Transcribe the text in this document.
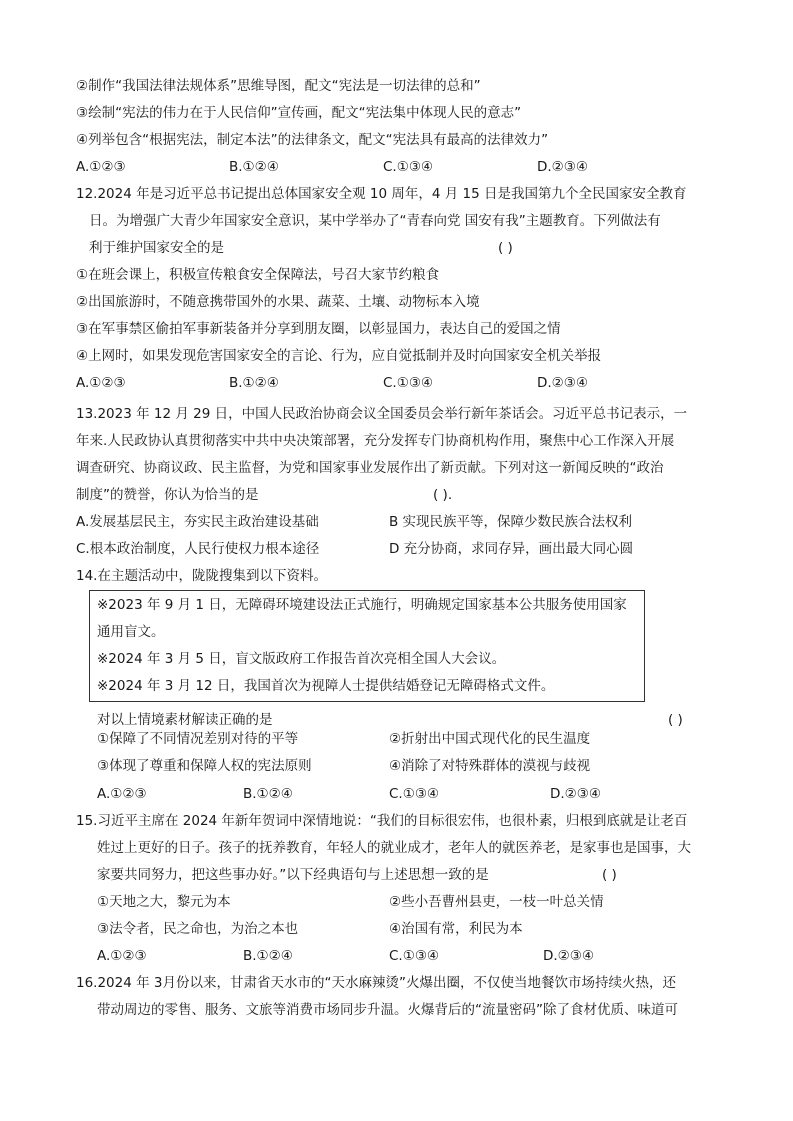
②制作“我国法律法规体系”思维导图，配文“宪法是一切法律的总和”
③绘制“宪法的伟力在于人民信仰”宣传画，配文“宪法集中体现人民的意志”
④列举包含“根据宪法，制定本法”的法律条文，配文“宪法具有最高的法律效力”
A.①②③	B.①②④	C.①③④	D.②③④
12.2024 年是习近平总书记提出总体国家安全观 10 周年，4 月 15 日是我国第九个全民国家安全教育
日。为增强广大青少年国家安全意识，某中学举办了“青春向党 国安有我”主题教育。下列做法有
利于维护国家安全的是	( )
①在班会课上，积极宣传粮食安全保障法，号召大家节约粮食
②出国旅游时，不随意携带国外的水果、蔬菜、土壤、动物标本入境
③在军事禁区偷拍军事新装备并分享到朋友圈，以彰显国力，表达自己的爱国之情
④上网时，如果发现危害国家安全的言论、行为，应自觉抵制并及时向国家安全机关举报
A.①②③	B.①②④	C.①③④	D.②③④
13.2023 年 12 月 29 日，中国人民政治协商会议全国委员会举行新年茶话会。习近平总书记表示，一
年来.人民政协认真贯彻落实中共中央决策部署，充分发挥专门协商机构作用，聚焦中心工作深入开展
调查研究、协商议政、民主监督，为党和国家事业发展作出了新贡献。下列对这一新闻反映的“政治
制度”的赞誉，你认为恰当的是	( ).
A.发展基层民主，夯实民主政治建设基础	B 实现民族平等，保障少数民族合法权利
C.根本政治制度，人民行使权力根本途径	D 充分协商，求同存异，画出最大同心圆
14.在主题活动中，陇陇搜集到以下资料。
※2023 年 9 月 1 日，无障碍环境建设法正式施行，明确规定国家基本公共服务使用国家
通用盲文。
※2024 年 3 月 5 日，盲文版政府工作报告首次亮相全国人大会议。
※2024 年 3 月 12 日，我国首次为视障人士提供结婚登记无障碍格式文件。
对以上情境素材解读正确的是	( )
①保障了不同情况差别对待的平等	②折射出中国式现代化的民生温度
③体现了尊重和保障人权的宪法原则	④消除了对特殊群体的漠视与歧视
A.①②③	B.①②④	C.①③④	D.②③④
15.习近平主席在 2024 年新年贺词中深情地说：“我们的目标很宏伟，也很朴素，归根到底就是让老百
姓过上更好的日子。孩子的抚养教育，年轻人的就业成才，老年人的就医养老，是家事也是国事，大
家要共同努力，把这些事办好。”以下经典语句与上述思想一致的是	( )
①天地之大，黎元为本	②些小吾曹州县吏，一枝一叶总关情
③法令者，民之命也，为治之本也	④治国有常，利民为本
A.①②③	B.①②④	C.①③④	D.②③④
16.2024 年 3月份以来，甘肃省天水市的“天水麻辣烫”火爆出圈，不仅使当地餐饮市场持续火热，还
带动周边的零售、服务、文旅等消费市场同步升温。火爆背后的“流量密码”除了食材优质、味道可
